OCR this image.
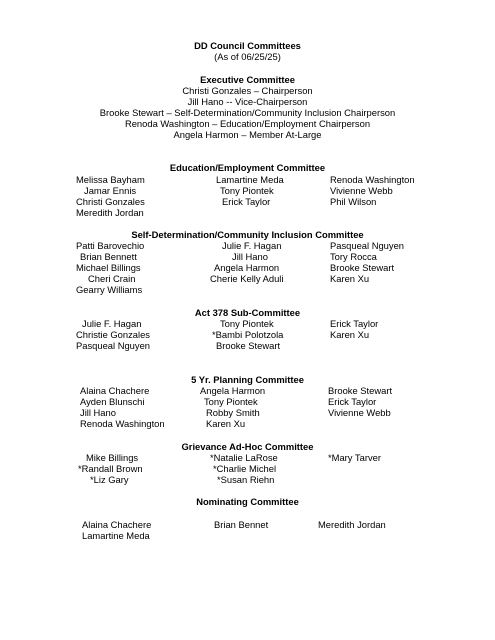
DD Council Committees
(As of 06/25/25)
Executive Committee
Christi Gonzales – Chairperson
Jill Hano -- Vice-Chairperson
Brooke Stewart – Self-Determination/Community Inclusion Chairperson
Renoda Washington – Education/Employment Chairperson
Angela Harmon – Member At-Large
Education/Employment Committee
Melissa Bayham
Jamar Ennis
Christi Gonzales
Meredith Jordan
Lamartine Meda
Tony Piontek
Erick Taylor
Renoda Washington
Vivienne Webb
Phil Wilson
Self-Determination/Community Inclusion Committee
Patti Barovechio
Brian Bennett
Michael Billings
Cheri Crain
Gearry Williams
Julie F. Hagan
Jill Hano
Angela Harmon
Cherie Kelly Aduli
Pasqueal Nguyen
Tory Rocca
Brooke Stewart
Karen Xu
Act 378 Sub-Committee
Julie F. Hagan
Christie Gonzales
Pasqueal Nguyen
Tony Piontek
*Bambi Polotzola
Brooke Stewart
Erick Taylor
Karen Xu
5 Yr. Planning Committee
Alaina Chachere
Ayden Blunschi
Jill Hano
Renoda Washington
Angela Harmon
Tony Piontek
Robby Smith
Karen Xu
Brooke Stewart
Erick Taylor
Vivienne Webb
Grievance Ad-Hoc Committee
Mike Billings
*Randall Brown
*Liz Gary
*Natalie LaRose
*Charlie Michel
*Susan Riehn
*Mary Tarver
Nominating Committee
Alaina Chachere
Lamartine Meda
Brian Bennet	Meredith Jordan
